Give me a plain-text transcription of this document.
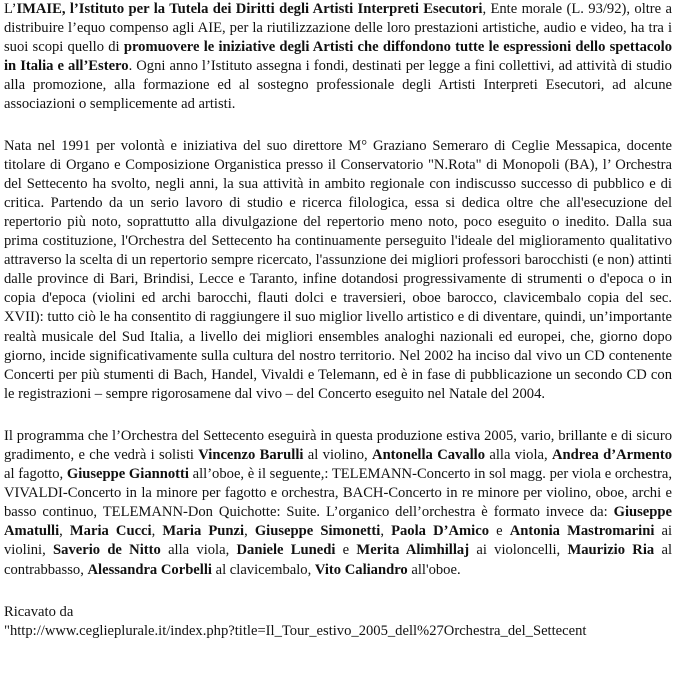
L’IMAIE, l’Istituto per la Tutela dei Diritti degli Artisti Interpreti Esecutori, Ente morale (L. 93/92), oltre a distribuire l’equo compenso agli AIE, per la riutilizzazione delle loro prestazioni artistiche, audio e video, ha tra i suoi scopi quello di promuovere le iniziative degli Artisti che diffondono tutte le espressioni dello spettacolo in Italia e all’Estero. Ogni anno l’Istituto assegna i fondi, destinati per legge a fini collettivi, ad attività di studio alla promozione, alla formazione ed al sostegno professionale degli Artisti Interpreti Esecutori, ad alcune associazioni o semplicemente ad artisti.

Nata nel 1991 per volontà e iniziativa del suo direttore M° Graziano Semeraro di Ceglie Messapica, docente titolare di Organo e Composizione Organistica presso il Conservatorio "N.Rota" di Monopoli (BA), l’ Orchestra del Settecento ha svolto, negli anni, la sua attività in ambito regionale con indiscusso successo di pubblico e di critica. Partendo da un serio lavoro di studio e ricerca filologica, essa si dedica oltre che all'esecuzione del repertorio più noto, soprattutto alla divulgazione del repertorio meno noto, poco eseguito o inedito. Dalla sua prima costituzione, l'Orchestra del Settecento ha continuamente perseguito l'ideale del miglioramento qualitativo attraverso la scelta di un repertorio sempre ricercato, l'assunzione dei migliori professori barocchisti (e non) attinti dalle province di Bari, Brindisi, Lecce e Taranto, infine dotandosi progressivamente di strumenti o d'epoca o in copia d'epoca (violini ed archi barocchi, flauti dolci e traversieri, oboe barocco, clavicembalo copia del sec. XVII): tutto ciò le ha consentito di raggiungere il suo miglior livello artistico e di diventare, quindi, un’importante realtà musicale del Sud Italia, a livello dei migliori ensembles analoghi nazionali ed europei, che, giorno dopo giorno, incide significativamente sulla cultura del nostro territorio. Nel 2002 ha inciso dal vivo un CD contenente Concerti per più stumenti di Bach, Handel, Vivaldi e Telemann, ed è in fase di pubblicazione un secondo CD con le registrazioni – sempre rigorosamene dal vivo – del Concerto eseguito nel Natale del 2004.

Il programma che l’Orchestra del Settecento eseguirà in questa produzione estiva 2005, vario, brillante e di sicuro gradimento, e che vedrà i solisti Vincenzo Barulli al violino, Antonella Cavallo alla viola, Andrea d’Armento al fagotto, Giuseppe Giannotti all’oboe, è il seguente,: TELEMANN-Concerto in sol magg. per viola e orchestra, VIVALDI-Concerto in la minore per fagotto e orchestra, BACH-Concerto in re minore per violino, oboe, archi e basso continuo, TELEMANN-Don Quichotte: Suite. L’organico dell’orchestra è formato invece da: Giuseppe Amatulli, Maria Cucci, Maria Punzi, Giuseppe Simonetti, Paola D’Amico e Antonia Mastromarini ai violini, Saverio de Nitto alla viola, Daniele Lunedi e Merita Alimhillaj ai violoncelli, Maurizio Ria al contrabbasso, Alessandra Corbelli al clavicembalo, Vito Caliandro all'oboe.

Ricavato da
"http://www.ceglieplurale.it/index.php?title=Il_Tour_estivo_2005_dell%27Orchestra_del_Settecent
